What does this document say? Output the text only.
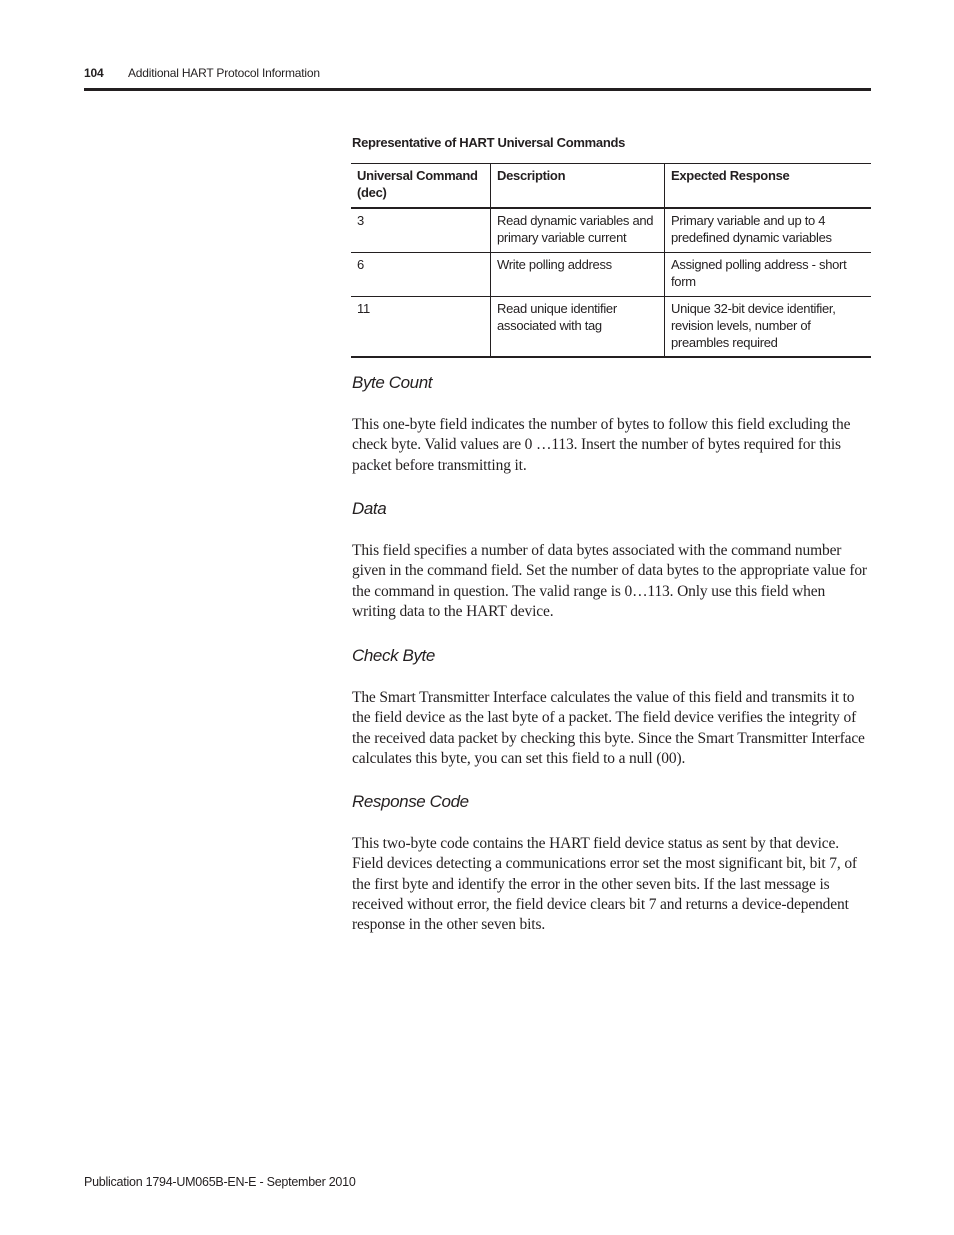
104 Additional HART Protocol Information
Representative of HART Universal Commands
Universal Command (dec)	Description	Expected Response
3	Read dynamic variables and primary variable current	Primary variable and up to 4 predefined dynamic variables
6	Write polling address	Assigned polling address - short form
11	Read unique identifier associated with tag	Unique 32-bit device identifier, revision levels, number of preambles required
Byte Count

This one-byte field indicates the number of bytes to follow this field excluding the check byte. Valid values are 0 …113. Insert the number of bytes required for this packet before transmitting it.

Data

This field specifies a number of data bytes associated with the command number given in the command field. Set the number of data bytes to the appropriate value for the command in question. The valid range is 0…113. Only use this field when writing data to the HART device.

Check Byte

The Smart Transmitter Interface calculates the value of this field and transmits it to the field device as the last byte of a packet. The field device verifies the integrity of the received data packet by checking this byte. Since the Smart Transmitter Interface calculates this byte, you can set this field to a null (00).

Response Code

This two-byte code contains the HART field device status as sent by that device. Field devices detecting a communications error set the most significant bit, bit 7, of the first byte and identify the error in the other seven bits. If the last message is received without error, the field device clears bit 7 and returns a device-dependent response in the other seven bits.

Publication 1794-UM065B-EN-E - September 2010
